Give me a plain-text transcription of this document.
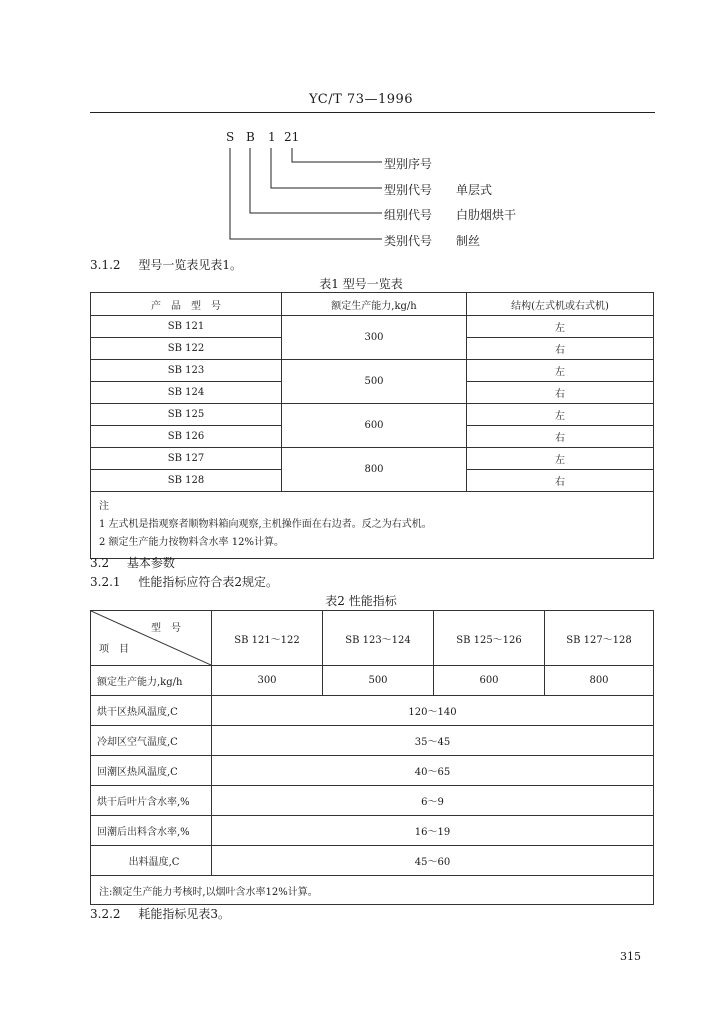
YC/T 73—1996
S B 1 21
型别序号
型别代号 单层式
组别代号 白肋烟烘干
类别代号 制丝
3.1.2 型号一览表见表1。
表1 型号一览表
产　品　型　号	额定生产能力,kg/h	结构(左式机或右式机)
SB 121	300	左
SB 122		右
SB 123	500	左
SB 124		右
SB 125	600	左
SB 126		右
SB 127	800	左
SB 128		右

注
1 左式机是指观察者顺物料箱向观察,主机操作面在右边者。反之为右式机。
2 额定生产能力按物料含水率 12%计算。		
3.2 基本参数
3.2.1 性能指标应符合表2规定。
表2 性能指标
型　号
项　目	SB 121～122	SB 123～124	SB 125～126	SB 127～128
额定生产能力,kg/h	300	500	600	800
烘干区热风温度,C	120～140			
冷却区空气温度,C	35～45			
回潮区热风温度,C	40～65			
烘干后叶片含水率,%	6～9			
回潮后出料含水率,%	16～19			
出料温度,C	45～60			
注:额定生产能力考核时,以烟叶含水率12%计算。				
3.2.2 耗能指标见表3。
315
